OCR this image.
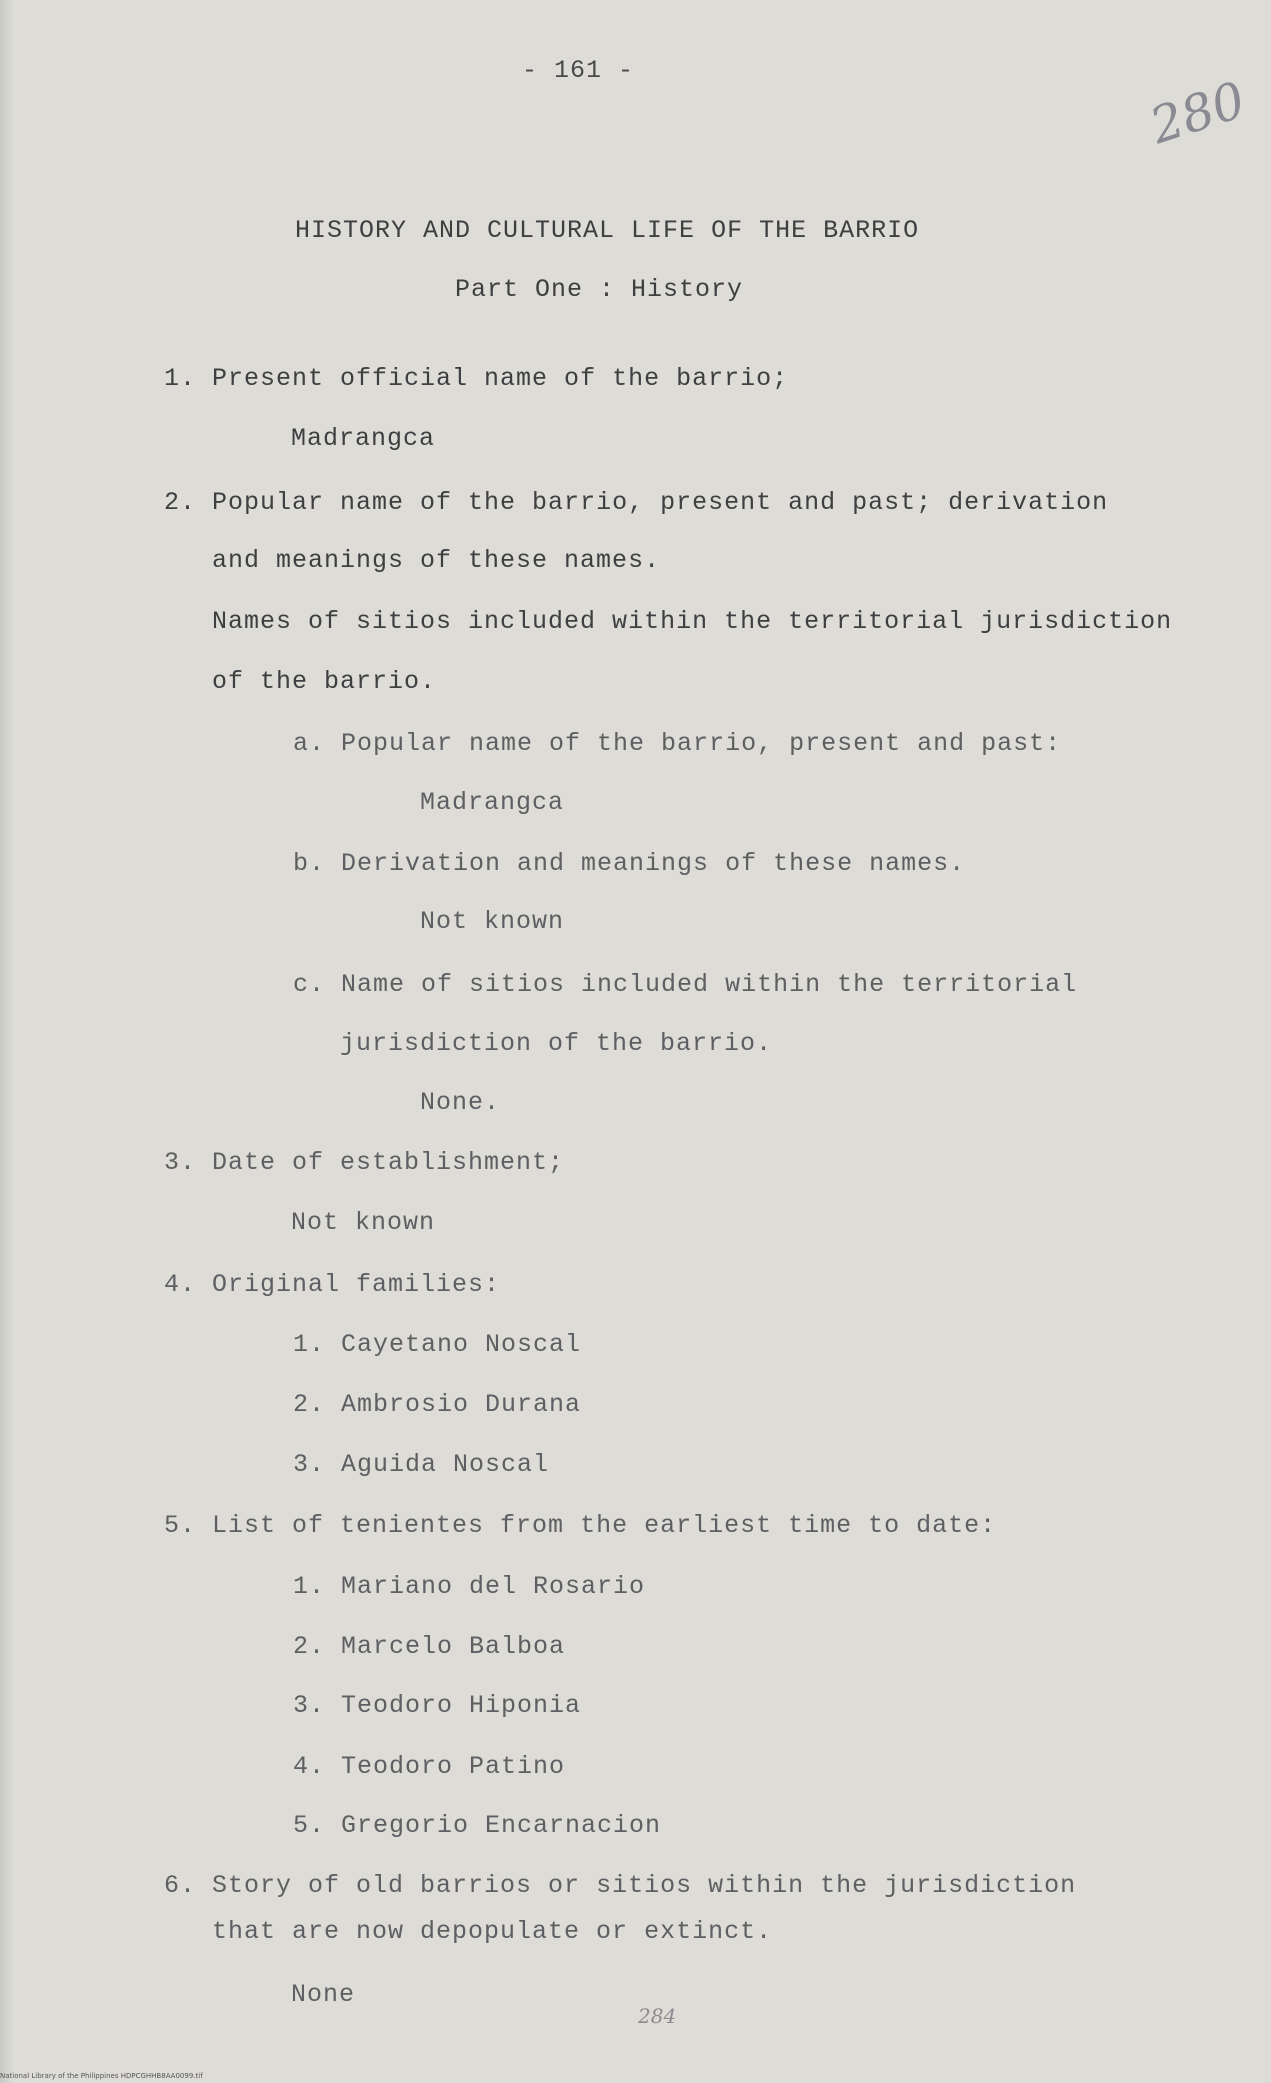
- 161 -
280
HISTORY AND CULTURAL LIFE OF THE BARRIO
Part One : History
1. Present official name of the barrio;
Madrangca
2. Popular name of the barrio, present and past; derivation
and meanings of these names.
Names of sitios included within the territorial jurisdiction
of the barrio.
a. Popular name of the barrio, present and past:
Madrangca
b. Derivation and meanings of these names.
Not known
c. Name of sitios included within the territorial
jurisdiction of the barrio.
None.
3. Date of establishment;
Not known
4. Original families:
1. Cayetano Noscal
2. Ambrosio Durana
3. Aguida Noscal
5. List of tenientes from the earliest time to date:
1. Mariano del Rosario
2. Marcelo Balboa
3. Teodoro Hiponia
4. Teodoro Patino
5. Gregorio Encarnacion
6. Story of old barrios or sitios within the jurisdiction
that are now depopulate or extinct.
None
284
National Library of the Philippines HDPCGHHB8AA0099.tif
